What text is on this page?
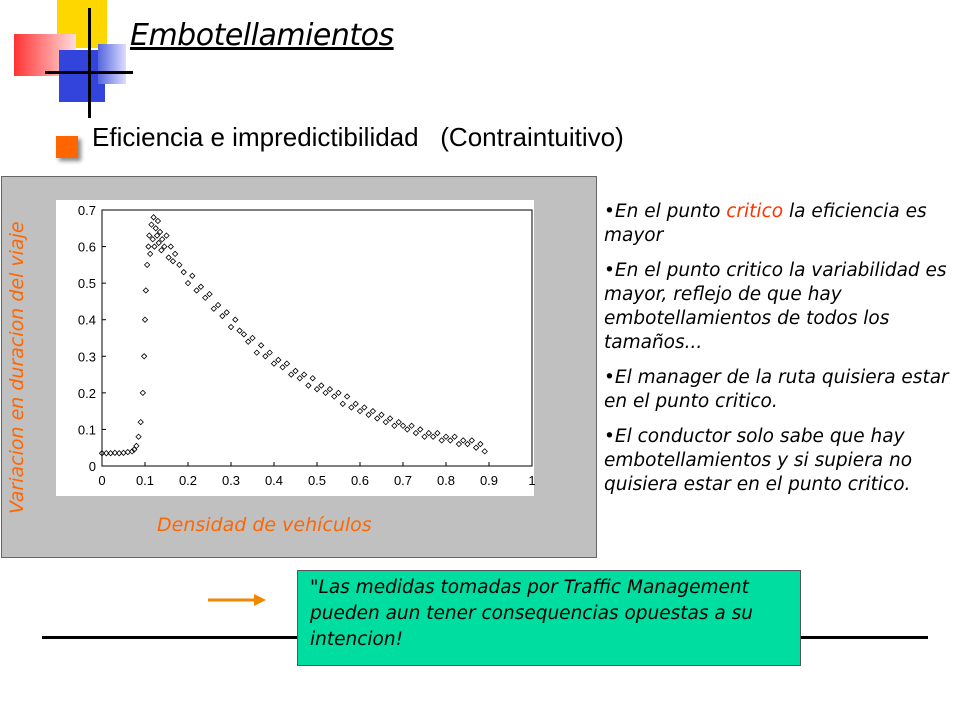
Embotellamientos
Eficiencia e impredictibilidad   (Contraintuitivo)
Variacion en duracion del viaje
Densidad de vehículos
0 0.1 0.2 0.3 0.4 0.5 0.6 0.7 0.8 0.9 1
0
0.1
0.2
0.3
0.4
0.5
0.6
0.7	•En el punto critico la eficiencia es mayor
•En el punto critico la variabilidad es mayor, reflejo de que hay embotellamientos de todos los tamaños...
•El manager de la ruta quisiera estar en el punto critico.
•El conductor solo sabe que hay embotellamientos y si supiera no quisiera estar en el punto critico.
"Las medidas tomadas por Traffic Management pueden aun tener consequencias opuestas a su intencion!
